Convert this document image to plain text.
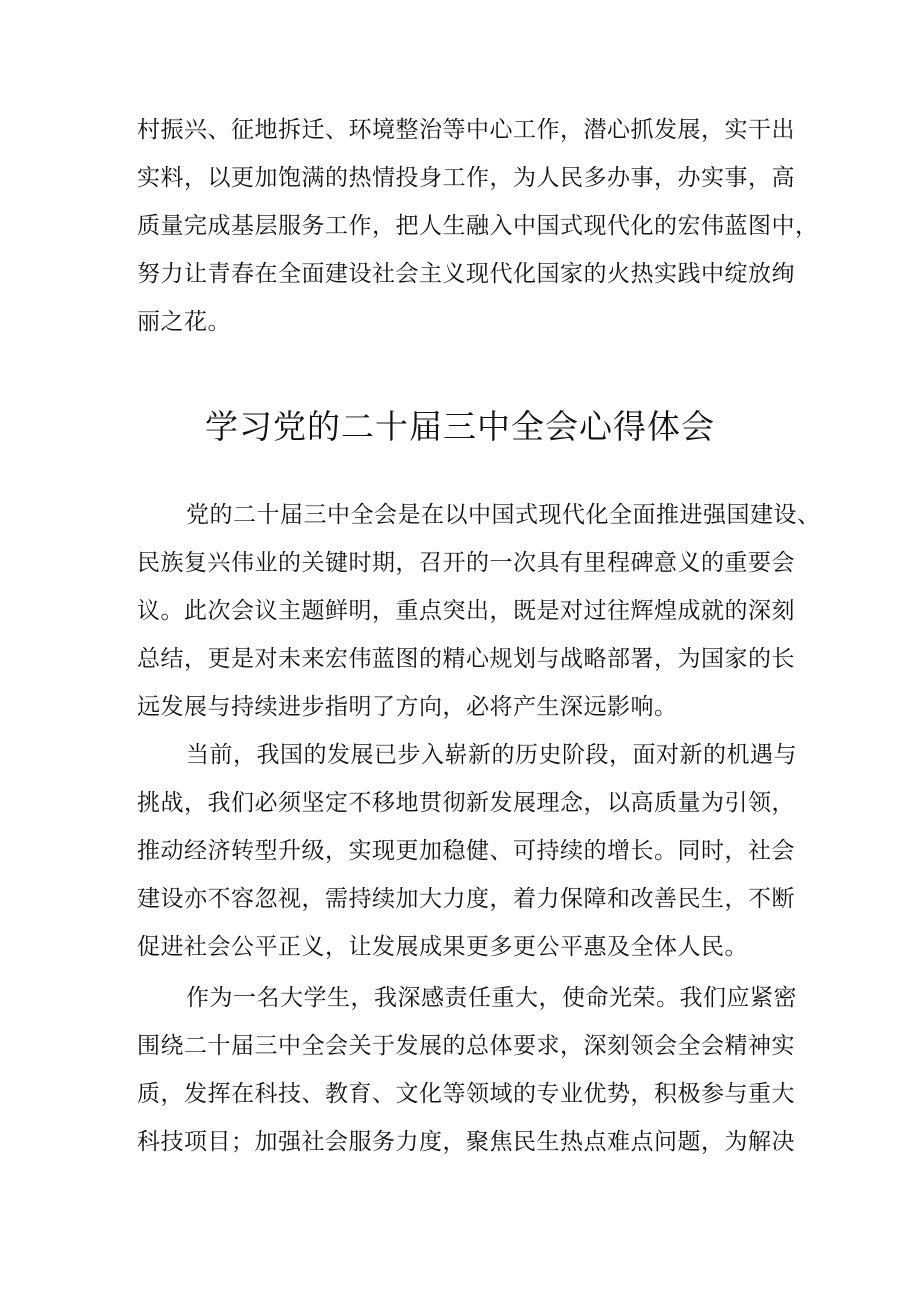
村振兴、征地拆迁、环境整治等中心工作，潜心抓发展，实干出
实料，以更加饱满的热情投身工作，为人民多办事，办实事，高
质量完成基层服务工作，把人生融入中国式现代化的宏伟蓝图中，
努力让青春在全面建设社会主义现代化国家的火热实践中绽放绚
丽之花。
学习党的二十届三中全会心得体会
党的二十届三中全会是在以中国式现代化全面推进强国建设、
民族复兴伟业的关键时期，召开的一次具有里程碑意义的重要会
议。此次会议主题鲜明，重点突出，既是对过往辉煌成就的深刻
总结，更是对未来宏伟蓝图的精心规划与战略部署，为国家的长
远发展与持续进步指明了方向，必将产生深远影响。
当前，我国的发展已步入崭新的历史阶段，面对新的机遇与
挑战，我们必须坚定不移地贯彻新发展理念，以高质量为引领，
推动经济转型升级，实现更加稳健、可持续的增长。同时，社会
建设亦不容忽视，需持续加大力度，着力保障和改善民生，不断
促进社会公平正义，让发展成果更多更公平惠及全体人民。
作为一名大学生，我深感责任重大，使命光荣。我们应紧密
围绕二十届三中全会关于发展的总体要求，深刻领会全会精神实
质，发挥在科技、教育、文化等领域的专业优势，积极参与重大
科技项目；加强社会服务力度，聚焦民生热点难点问题，为解决
